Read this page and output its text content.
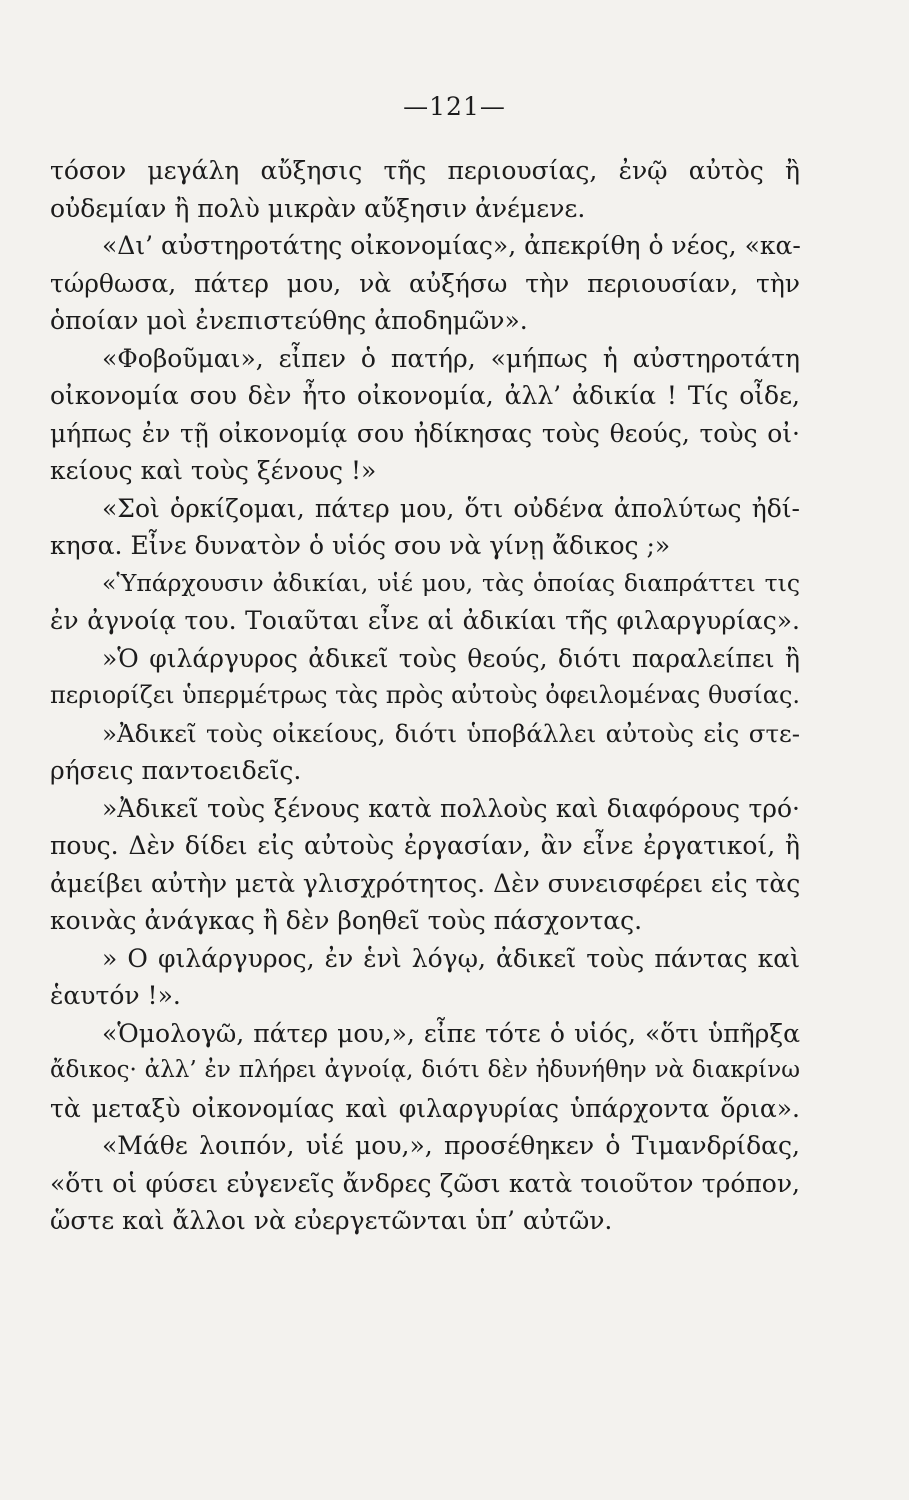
—121—
τόσον μεγάλη αὔξησις τῆς περιουσίας, ἐνῷ αὐτὸς ἢ
οὐδεμίαν ἢ πολὺ μικρὰν αὔξησιν ἀνέμενε.
«Δι’ αὐστηροτάτης οἰκονομίας», ἀπεκρίθη ὁ νέος, «κα-
τώρθωσα, πάτερ μου, νὰ αὐξήσω τὴν περιουσίαν, τὴν
ὁποίαν μοὶ ἐνεπιστεύθης ἀποδημῶν».
«Φοβοῦμαι», εἶπεν ὁ πατήρ, «μήπως ἡ αὐστηροτάτη
οἰκονομία σου δὲν ἦτο οἰκονομία, ἀλλ’ ἀδικία ! Τίς οἶδε,
μήπως ἐν τῇ οἰκονομίᾳ σου ἠδίκησας τοὺς θεούς, τοὺς οἰ·
κείους καὶ τοὺς ξένους !»
«Σοὶ ὁρκίζομαι, πάτερ μου, ὅτι οὐδένα ἀπολύτως ἠδί-
κησα. Εἶνε δυνατὸν ὁ υἱός σου νὰ γίνῃ ἄδικος ;»
«Ὑπάρχουσιν ἀδικίαι, υἱέ μου, τὰς ὁποίας διαπράττει τις
ἐν ἀγνοίᾳ του. Τοιαῦται εἶνε αἱ ἀδικίαι τῆς φιλαργυρίας».
»Ὁ φιλάργυρος ἀδικεῖ τοὺς θεούς, διότι παραλείπει ἢ
περιορίζει ὑπερμέτρως τὰς πρὸς αὐτοὺς ὀφειλομένας θυσίας.
»Ἀδικεῖ τοὺς οἰκείους, διότι ὑποβάλλει αὐτοὺς εἰς στε-
ρήσεις παντοειδεῖς.
»Ἀδικεῖ τοὺς ξένους κατὰ πολλοὺς καὶ διαφόρους τρό·
πους. Δὲν δίδει εἰς αὐτοὺς ἐργασίαν, ἂν εἶνε ἐργατικοί, ἢ
ἀμείβει αὐτὴν μετὰ γλισχρότητος. Δὲν συνεισφέρει εἰς τὰς
κοινὰς ἀνάγκας ἢ δὲν βοηθεῖ τοὺς πάσχοντας.
» Ο φιλάργυρος, ἐν ἑνὶ λόγῳ, ἀδικεῖ τοὺς πάντας καὶ
ἑαυτόν !».
«Ὁμολογῶ, πάτερ μου,», εἶπε τότε ὁ υἱός, «ὅτι ὑπῆρξα
ἄδικος· ἀλλ’ ἐν πλήρει ἀγνοίᾳ, διότι δὲν ἠδυνήθην νὰ διακρίνω
τὰ μεταξὺ οἰκονομίας καὶ φιλαργυρίας ὑπάρχοντα ὅρια».
«Μάθε λοιπόν, υἱέ μου,», προσέθηκεν ὁ Τιμανδρίδας,
«ὅτι οἱ φύσει εὐγενεῖς ἄνδρες ζῶσι κατὰ τοιοῦτον τρόπον,
ὥστε καὶ ἄλλοι νὰ εὐεργετῶνται ὑπ’ αὐτῶν.
